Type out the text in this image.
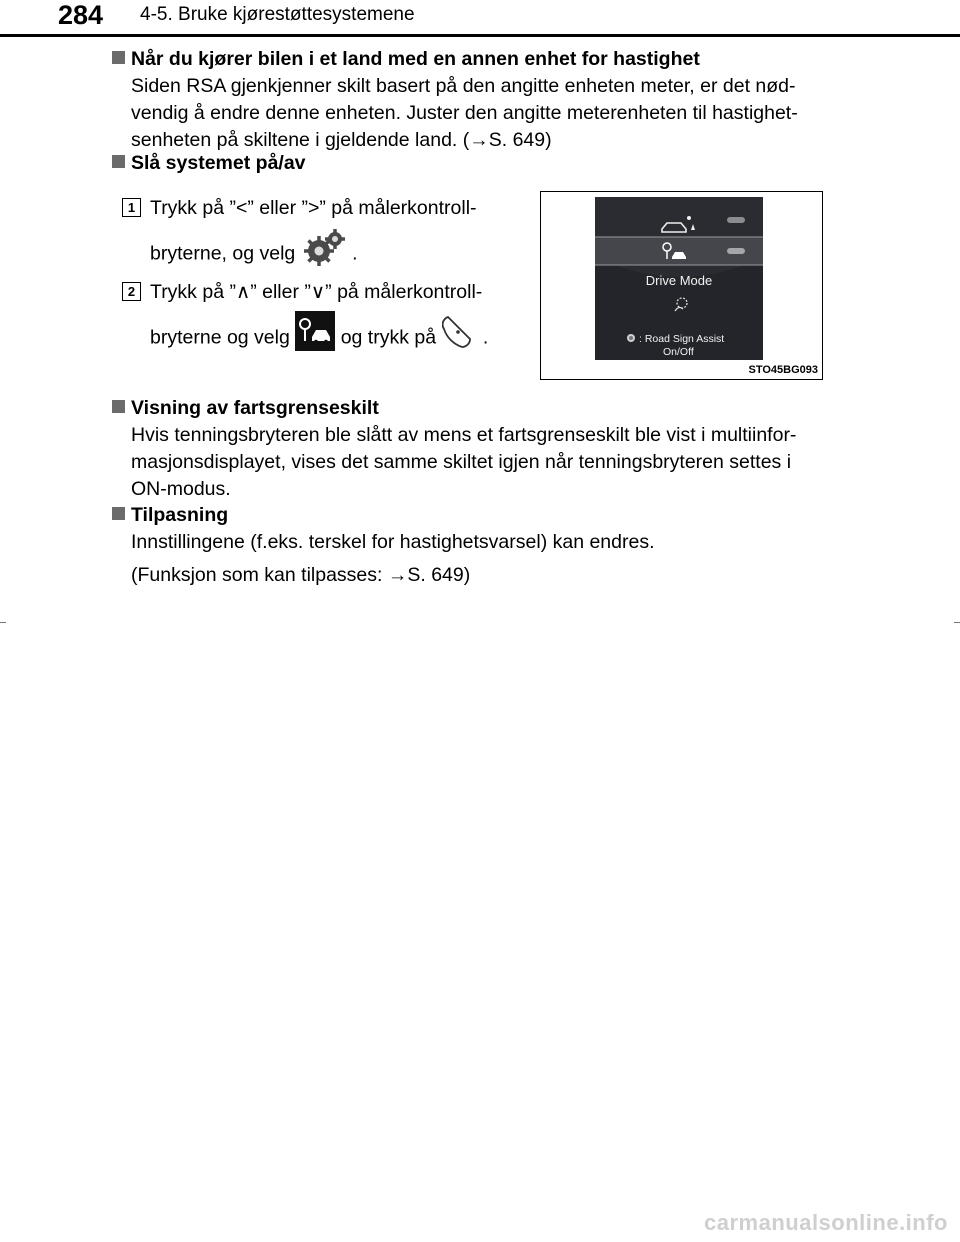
284 4-5. Bruke kjørestøttesystemene
Når du kjører bilen i et land med en annen enhet for hastighet

Siden RSA gjenkjenner skilt basert på den angitte enheten meter, er det nød-

vendig å endre denne enheten. Juster den angitte meterenheten til hastighet-

senheten på skiltene i gjeldende land. (→S. 649)

Slå systemet på/av
1 Trykk på ”<” eller ”>” på målerkontroll-
bryterne, og velg	.
2 Trykk på ”∧” eller ”∨” på målerkontroll-
bryterne og velg	og trykk på .
Drive Mode
: Road Sign Assist
On/Off
STO45BG093
Visning av fartsgrenseskilt

Hvis tenningsbryteren ble slått av mens et fartsgrenseskilt ble vist i multiinfor-

masjonsdisplayet, vises det samme skiltet igjen når tenningsbryteren settes i

ON-modus.

Tilpasning

Innstillingene (f.eks. terskel for hastighetsvarsel) kan endres.

(Funksjon som kan tilpasses: →S. 649)

carmanualsonline.info
